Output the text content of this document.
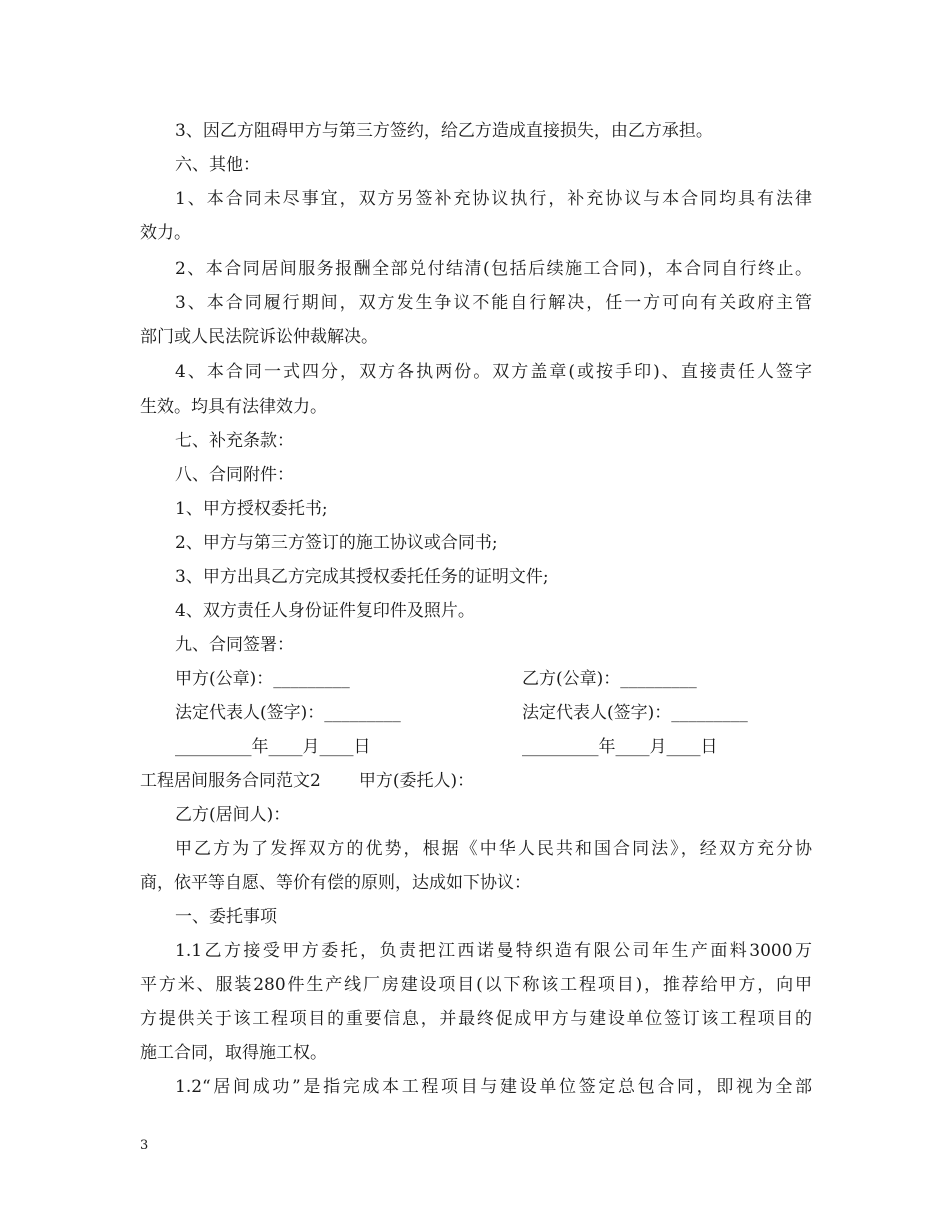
3、因乙方阻碍甲方与第三方签约，给乙方造成直接损失，由乙方承担。
六、其他：
1、本合同未尽事宜，双方另签补充协议执行，补充协议与本合同均具有法律
效力。
2、本合同居间服务报酬全部兑付结清(包括后续施工合同)，本合同自行终止。
3、本合同履行期间，双方发生争议不能自行解决，任一方可向有关政府主管
部门或人民法院诉讼仲裁解决。
4、本合同一式四分，双方各执两份。双方盖章(或按手印)、直接责任人签字
生效。均具有法律效力。
七、补充条款：
八、合同附件：
1、甲方授权委托书;
2、甲方与第三方签订的施工协议或合同书;
3、甲方出具乙方完成其授权委托任务的证明文件;
4、双方责任人身份证件复印件及照片。
九、合同签署：
甲方(公章)：_________	乙方(公章)：_________
法定代表人(签字)：_________	法定代表人(签字)：_________
_________年____月____日	_________年____月____日
工程居间服务合同范文2 甲方(委托人)：
乙方(居间人)：
甲乙方为了发挥双方的优势，根据《中华人民共和国合同法》，经双方充分协
商，依平等自愿、等价有偿的原则，达成如下协议：
一、委托事项
1.1乙方接受甲方委托，负责把江西诺曼特织造有限公司年生产面料3000万
平方米、服装280件生产线厂房建设项目(以下称该工程项目)，推荐给甲方，向甲
方提供关于该工程项目的重要信息，并最终促成甲方与建设单位签订该工程项目的
施工合同，取得施工权。
1.2“居间成功”是指完成本工程项目与建设单位签定总包合同，即视为全部
3
